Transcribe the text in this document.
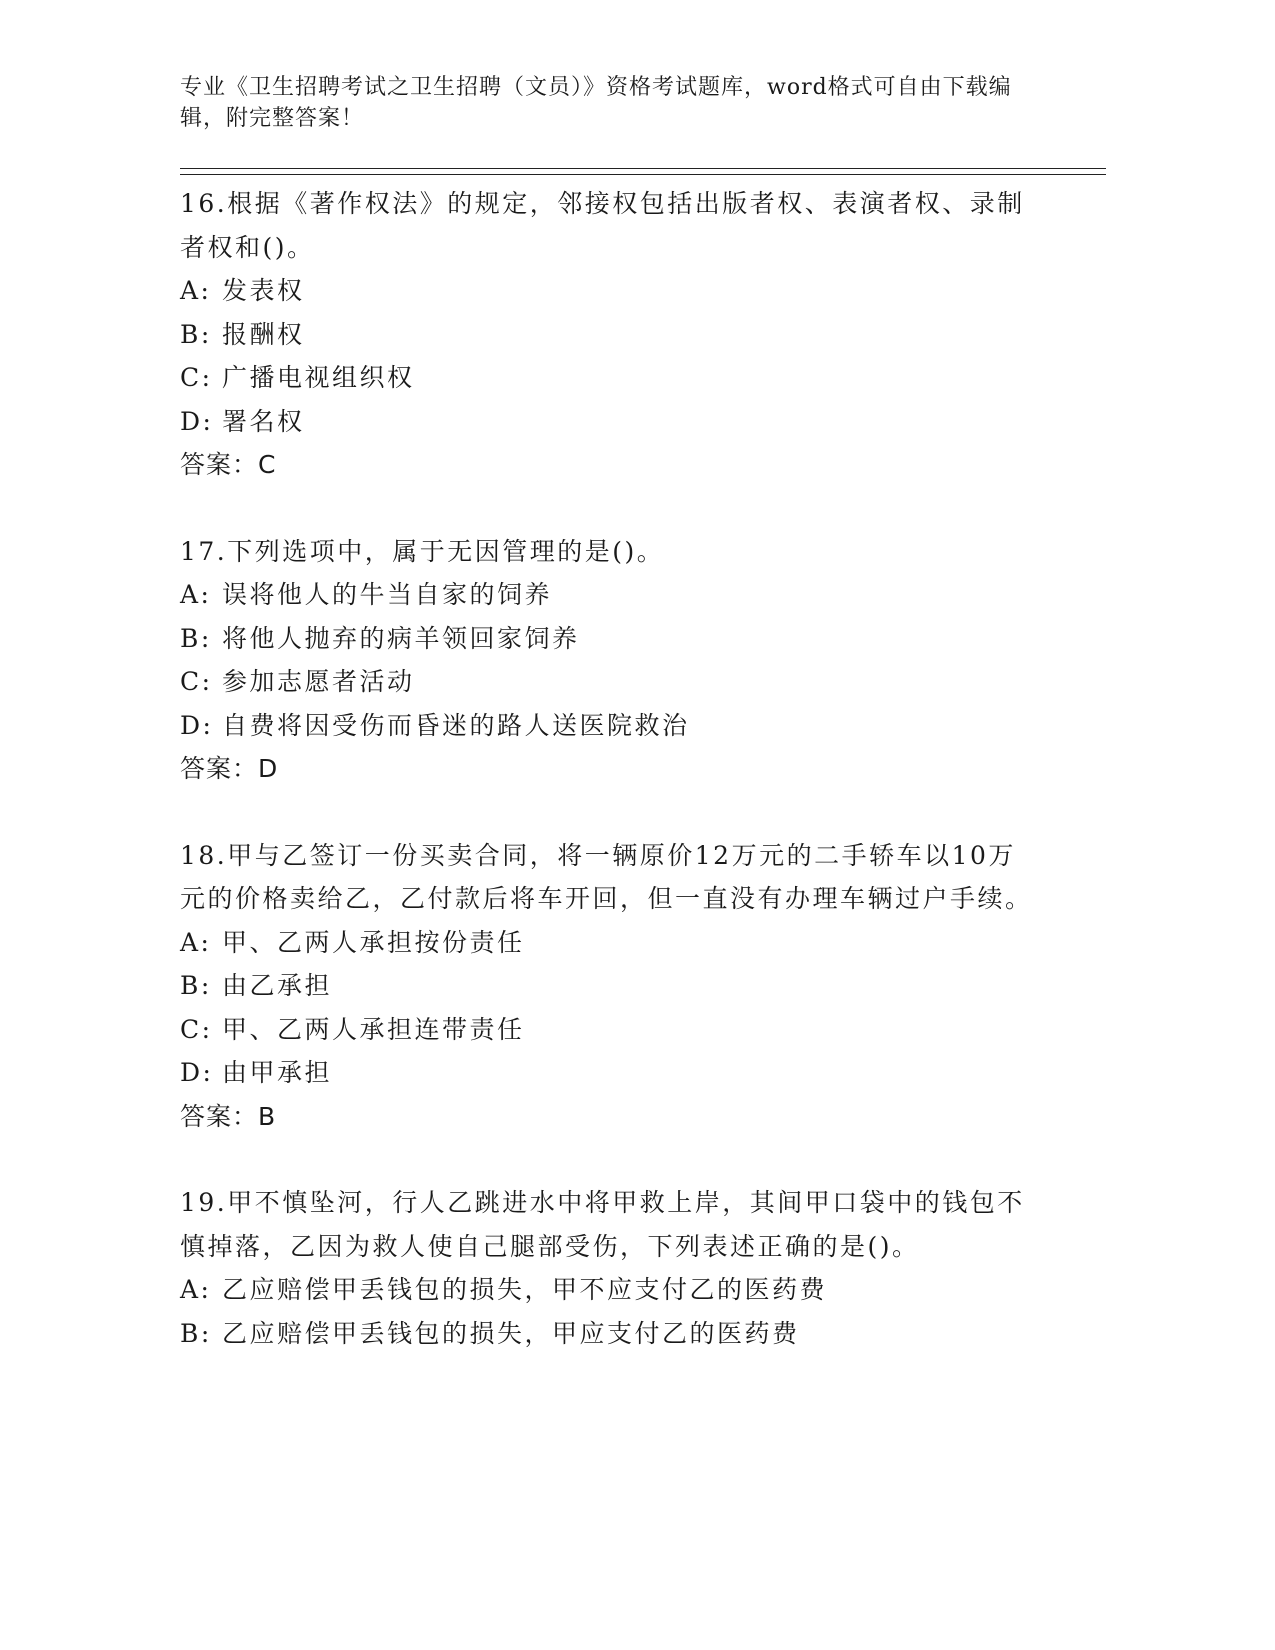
专业《卫生招聘考试之卫生招聘（文员）》资格考试题库，word格式可自由下载编辑，附完整答案！

16.根据《著作权法》的规定，邻接权包括出版者权、表演者权、录制者权和()。

A: 发表权
B: 报酬权
C: 广播电视组织权
D: 署名权

答案：C

17.下列选项中，属于无因管理的是()。

A: 误将他人的牛当自家的饲养
B: 将他人抛弃的病羊领回家饲养
C: 参加志愿者活动
D: 自费将因受伤而昏迷的路人送医院救治

答案：D

18.甲与乙签订一份买卖合同，将一辆原价12万元的二手轿车以10万元的价格卖给乙，乙付款后将车开回，但一直没有办理车辆过户手续。

A: 甲、乙两人承担按份责任
B: 由乙承担
C: 甲、乙两人承担连带责任
D: 由甲承担

答案：B

19.甲不慎坠河，行人乙跳进水中将甲救上岸，其间甲口袋中的钱包不慎掉落，乙因为救人使自己腿部受伤，下列表述正确的是()。

A: 乙应赔偿甲丢钱包的损失，甲不应支付乙的医药费
B: 乙应赔偿甲丢钱包的损失，甲应支付乙的医药费
